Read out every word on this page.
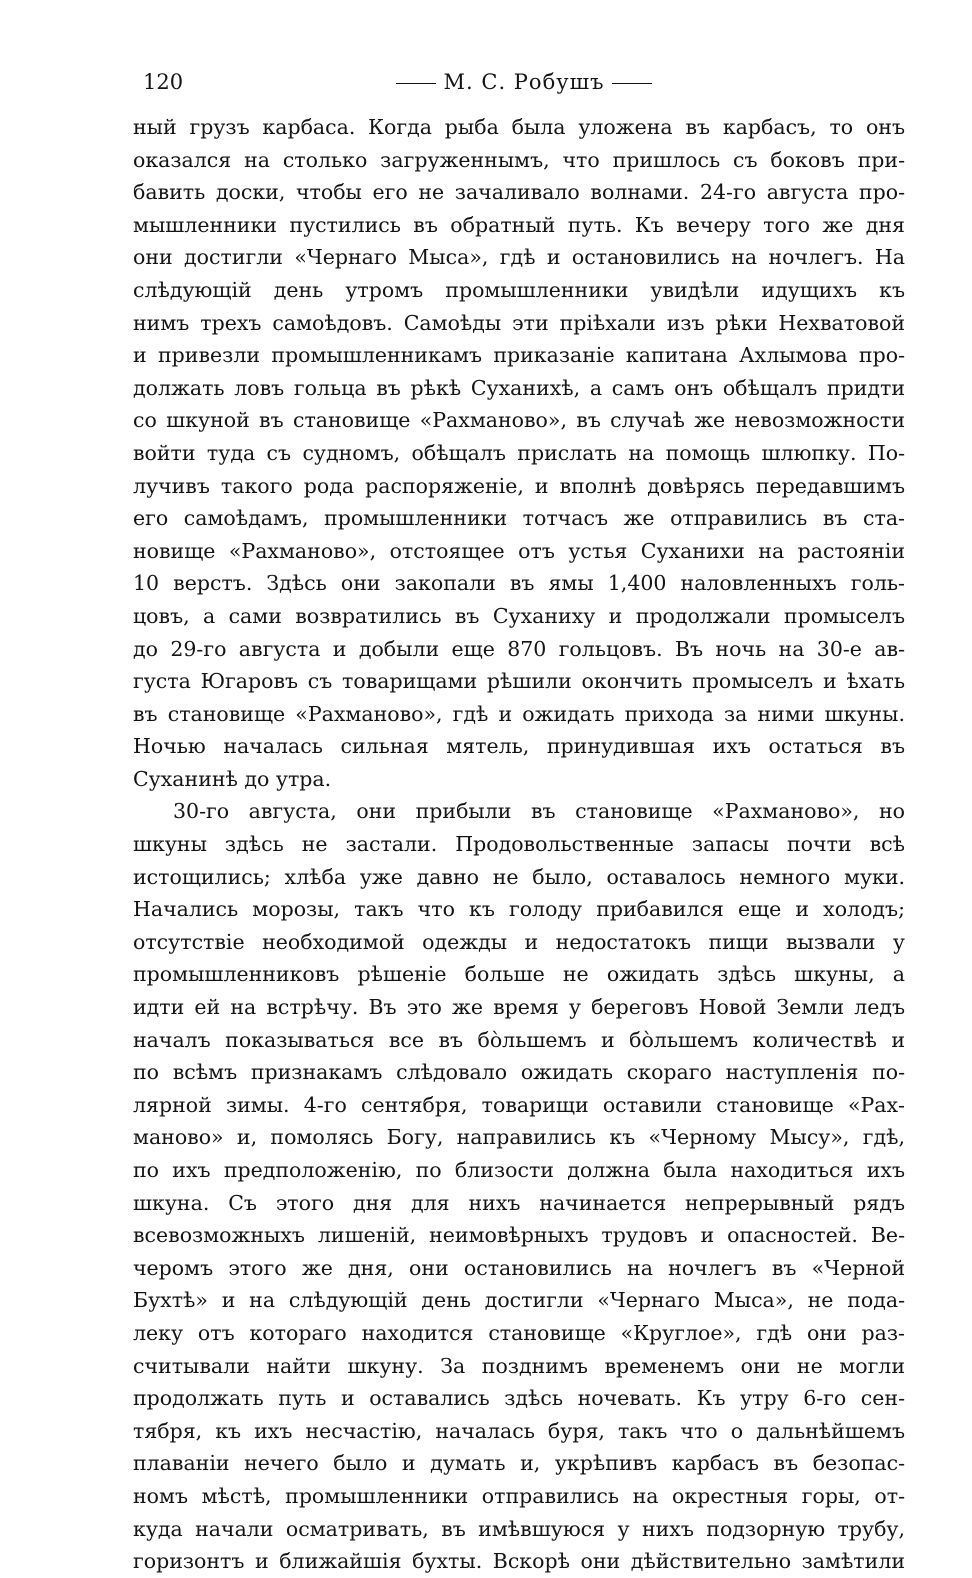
120	М. С. Робушъ
ный грузъ карбаса. Когда рыба была уложена въ карбасъ, то онъ
оказался на столько загруженнымъ, что пришлось съ боковъ при-
бавить доски, чтобы его не зачаливало волнами. 24-го августа про-
мышленники пустились въ обратный путь. Къ вечеру того же дня
они достигли «Чернаго Мыса», гдѣ и остановились на ночлегъ. На
слѣдующій день утромъ промышленники увидѣли идущихъ къ
нимъ трехъ самоѣдовъ. Самоѣды эти пріѣхали изъ рѣки Нехватовой
и привезли промышленникамъ приказаніе капитана Ахлымова про-
должать ловъ гольца въ рѣкѣ Суханихѣ, а самъ онъ обѣщалъ придти
со шкуной въ становище «Рахманово», въ случаѣ же невозможности
войти туда съ судномъ, обѣщалъ прислать на помощь шлюпку. По-
лучивъ такого рода распоряженіе, и вполнѣ довѣрясь передавшимъ
его самоѣдамъ, промышленники тотчасъ же отправились въ ста-
новище «Рахманово», отстоящее отъ устья Суханихи на растояніи
10 верстъ. Здѣсь они закопали въ ямы 1,400 наловленныхъ голь-
цовъ, а сами возвратились въ Суханиху и продолжали промыселъ
до 29-го августа и добыли еще 870 гольцовъ. Въ ночь на 30-е ав-
густа Югаровъ съ товарищами рѣшили окончить промыселъ и ѣхать
въ становище «Рахманово», гдѣ и ожидать прихода за ними шкуны.
Ночью началась сильная мятель, принудившая ихъ остаться въ
Суханинѣ до утра.
30-го августа, они прибыли въ становище «Рахманово», но
шкуны здѣсь не застали. Продовольственные запасы почти всѣ
истощились; хлѣба уже давно не было, оставалось немного муки.
Начались морозы, такъ что къ голоду прибавился еще и холодъ;
отсутствіе необходимой одежды и недостатокъ пищи вызвали у
промышленниковъ рѣшеніе больше не ожидать здѣсь шкуны, а
идти ей на встрѣчу. Въ это же время у береговъ Новой Земли ледъ
началъ показываться все въ бо̀льшемъ и бо̀льшемъ количествѣ и
по всѣмъ признакамъ слѣдовало ожидать скораго наступленія по-
лярной зимы. 4-го сентября, товарищи оставили становище «Рах-
маново» и, помолясь Богу, направились къ «Черному Мысу», гдѣ,
по ихъ предположенію, по близости должна была находиться ихъ
шкуна. Съ этого дня для нихъ начинается непрерывный рядъ
всевозможныхъ лишеній, неимовѣрныхъ трудовъ и опасностей. Ве-
черомъ этого же дня, они остановились на ночлегъ въ «Черной
Бухтѣ» и на слѣдующій день достигли «Чернаго Мыса», не пода-
леку отъ котораго находится становище «Круглое», гдѣ они раз-
считывали найти шкуну. За позднимъ временемъ они не могли
продолжать путь и оставались здѣсь ночевать. Къ утру 6-го сен-
тября, къ ихъ несчастію, началась буря, такъ что о дальнѣйшемъ
плаваніи нечего было и думать и, укрѣпивъ карбасъ въ безопас-
номъ мѣстѣ, промышленники отправились на окрестныя горы, от-
куда начали осматривать, въ имѣвшуюся у нихъ подзорную трубу,
горизонтъ и ближайшія бухты. Вскорѣ они дѣйствительно замѣтили
